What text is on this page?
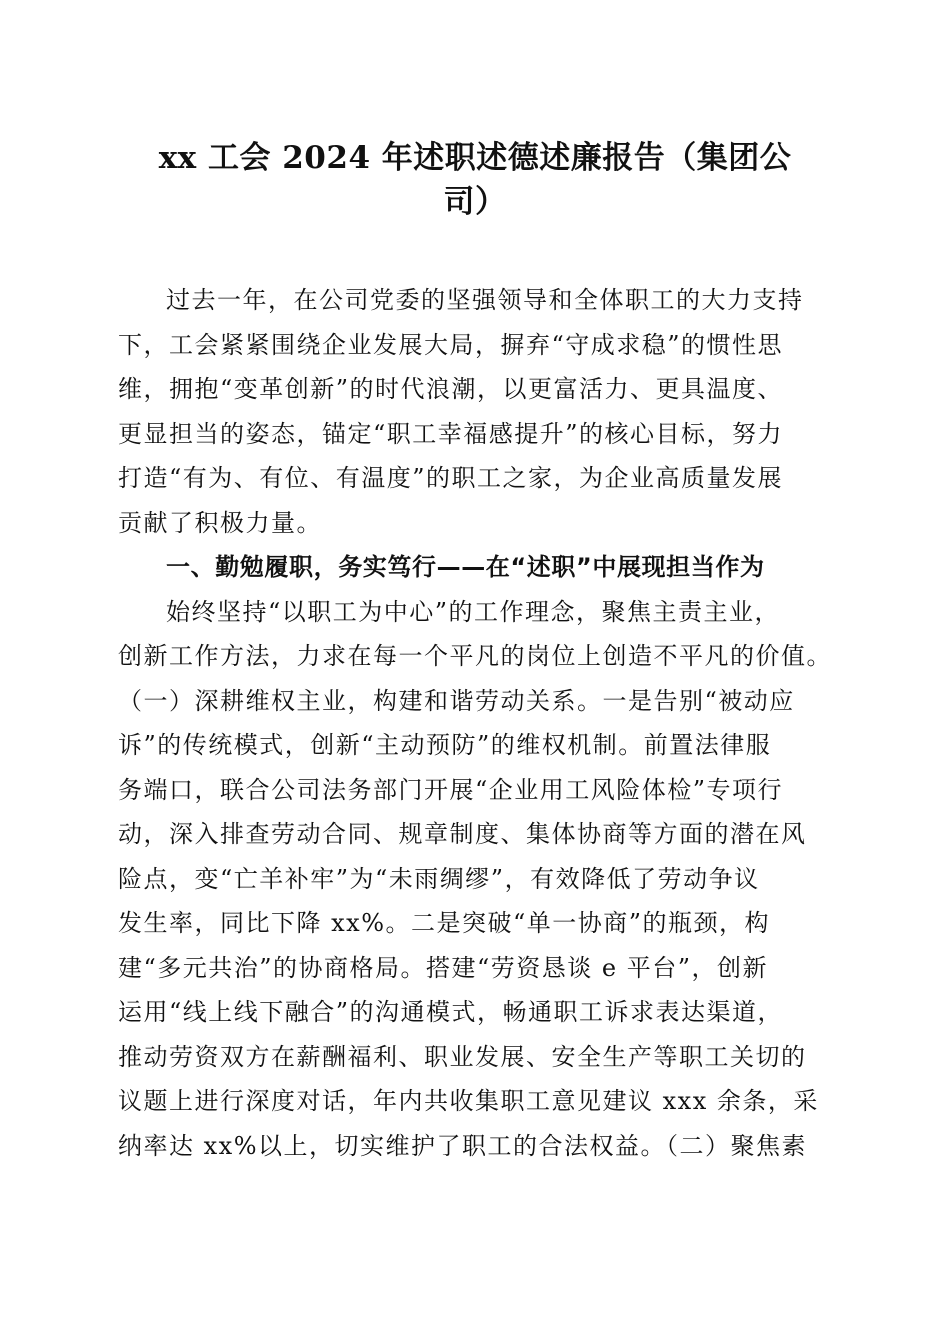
xx 工会 2024 年述职述德述廉报告（集团公
司）
过去一年，在公司党委的坚强领导和全体职工的大力支持
下，工会紧紧围绕企业发展大局，摒弃“守成求稳”的惯性思
维，拥抱“变革创新”的时代浪潮，以更富活力、更具温度、
更显担当的姿态，锚定“职工幸福感提升”的核心目标，努力
打造“有为、有位、有温度”的职工之家，为企业高质量发展
贡献了积极力量。
一、勤勉履职，务实笃行——在“述职”中展现担当作为
始终坚持“以职工为中心”的工作理念，聚焦主责主业，
创新工作方法，力求在每一个平凡的岗位上创造不平凡的价值。
（一）深耕维权主业，构建和谐劳动关系。一是告别“被动应
诉”的传统模式，创新“主动预防”的维权机制。前置法律服
务端口，联合公司法务部门开展“企业用工风险体检”专项行
动，深入排查劳动合同、规章制度、集体协商等方面的潜在风
险点，变“亡羊补牢”为“未雨绸缪”，有效降低了劳动争议
发生率，同比下降 xx%。二是突破“单一协商”的瓶颈，构
建“多元共治”的协商格局。搭建“劳资恳谈 e 平台”，创新
运用“线上线下融合”的沟通模式，畅通职工诉求表达渠道，
推动劳资双方在薪酬福利、职业发展、安全生产等职工关切的
议题上进行深度对话，年内共收集职工意见建议 xxx 余条，采
纳率达 xx%以上，切实维护了职工的合法权益。（二）聚焦素
